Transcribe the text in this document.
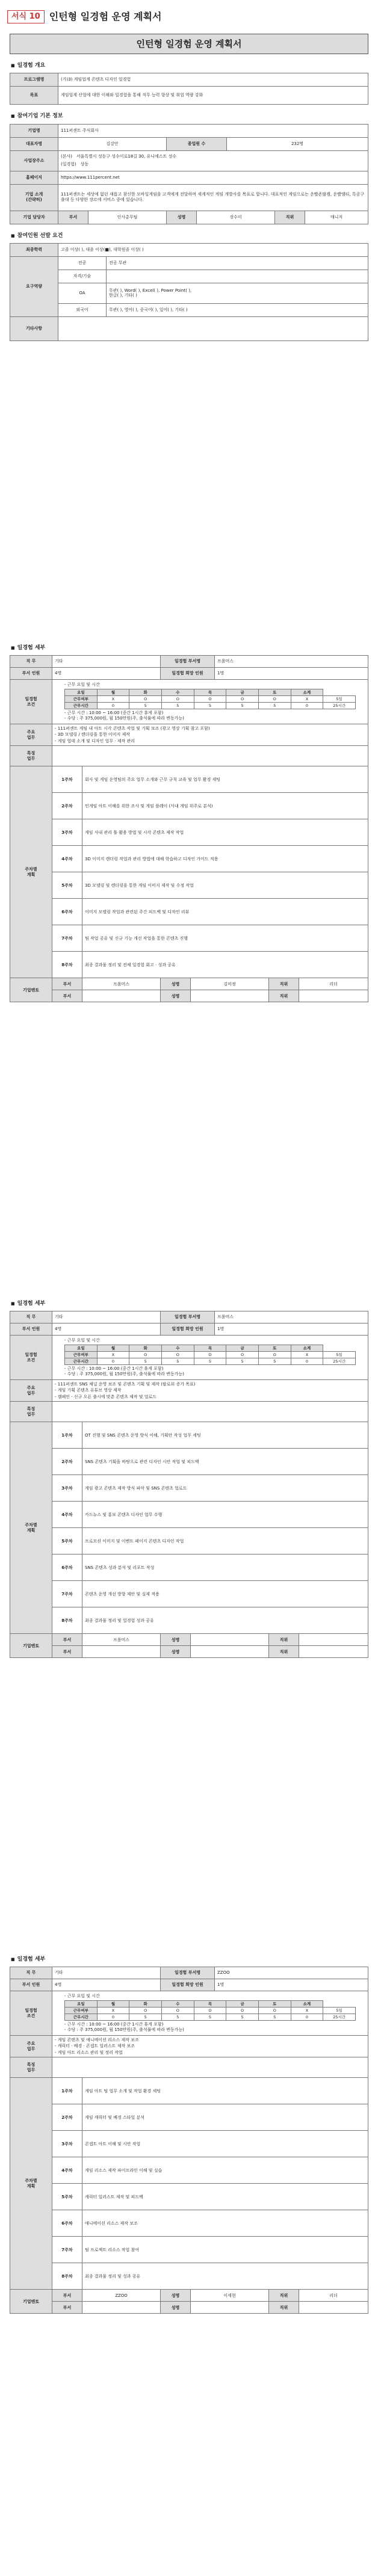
서식 10 인턴형 일경험 운영 계획서
인턴형 일경험 운영 계획서
■ 일경험 개요
프로그램명	(가)3) 게임업계 콘텐츠 디자인 일경험
목표	게임업계 산업에 대한 이해와 일경험을 통해 직무 능력 향상 및 취업 역량 강화
■ 참여기업 기본 정보
기업명	111퍼센트 주식회사		
대표자명	김강안	종업원 수	232명
사업장주소	(본사) 서울특별시 성동구 성수이로18길 30, 유니에스트 성수
(일경험) 상동		

홈페이지	https://www.111percent.net		
기업 소개
(간략히)	111퍼센트는 세상에 없던 새롭고 참신한 모바일게임을 고객에게 전달하며 세계적인 게임 개발사를 목표로 합니다. 대표적인 게임으로는 운빨존많겜, 운빨엠티, 특공구출대 등 다양한 장르에 서비스 중에 있습니다.		
기업 담당자	부서	인사총무팀	성명	장수미	직위	매니저
■ 참여인원 선발 요건
최종학력	고졸 이상( ), 대졸 이상(■), 대학원졸 이상( )	
요구역량	전공	전공 무관
	자격/기술	
	OA	무관( ), Word( ), Excel( ), Power Point( ),
한글( ), 기타( )

	외국어	무관( ), 영어( ), 중국어( ), 일어( ), 기타( )
기타사항		
■ 일경험 세부
직 무	기타	일경험 부서명	프롤머스
부서 인원	4명	일경험 희망 인원	1명
일경험
조건	
- 근무 요일 및 시간
요일	월	화	수	목	금	토	소계
근무여부	X	O	O	O	O	O	X	5일
근무시간	0	5	5	5	5	5	0	25시간
- 근무 시간 : 10:00 ~ 16:00 (중간 1시간 휴게 포함)
- 수당 : 주 375,000원, 월 150만원(주, 출석률에 따라 변동가능)

주요
업무	
- 111퍼센트 게임 내 아트 시각 콘텐츠 작업 및 기획 보조 (광고 영상 기획 참고 포함)
- 3D 모델링 / 렌더링을 통한 이미지 제작
- 게임 업데 소개 및 디자인 업무 · 제작 관리

특징
업무	
주차별
계획	1주차	회사 및 게임 운영팀의 주요 업무 소개와 근무 규칙 교육 및 업무 환경 세팅
	2주차	인게임 아트 이해를 위한 조사 및 게임 플레이 (사내 게임 위주로 분석)
	3주차	게임 사내 관리 툴 활용 방법 및 시각 콘텐츠 제작 작업
	4주차	3D 이미지 렌더링 작업과 관리 방법에 대해 학습하고 디자인 가이드 적용
	5주차	3D 모델링 및 렌더링을 통한 게임 이미지 제작 및 수정 작업
	6주차	이미지 모델링 작업과 관련된 주간 피드백 및 디자인 리뷰
	7주차	팀 작업 공유 및 신규 기능 개선 작업을 통한 콘텐츠 진행
	8주차	최종 결과물 정리 및 전체 일경험 회고 · 성과 공유
기업멘토	부서	프롤머스	성명	김미정	직위	리더
	부서		성명		직위	
■ 일경험 세부
직 무	기타	일경험 부서명	프롤머스
부서 인원	4명	일경험 희망 인원	1명
일경험
조건	
- 근무 요일 및 시간
요일	월	화	수	목	금	토	소계
근무여부	X	O	O	O	O	O	X	5일
근무시간	0	5	5	5	5	5	0	25시간
- 근무 시간 : 10:00 ~ 16:00 (중간 1시간 휴게 포함)
- 수당 : 주 375,000원, 월 150만원(주, 출석률에 따라 변동가능)

주요
업무	
- 111퍼센트 SNS 채널 운영 보조 및 콘텐츠 기획 및 제작 (팔로워 증가 목표)
- 게임 기획 콘텐츠 유튜브 영상 제작
- 캠페인 · 신규 오픈 출시에 맞춘 콘텐츠 제작 및 업로드

특징
업무	
주차별
계획	1주차	OT 진행 및 SNS 콘텐츠 운영 방식 이해, 기획안 작성 업무 세팅
	2주차	SNS 콘텐츠 기획을 바탕으로 관련 디자인 시안 작업 및 피드백
	3주차	게임 광고 콘텐츠 제작 방식 파악 및 SNS 콘텐츠 업로드
	4주차	카드뉴스 및 홍보 콘텐츠 디자인 업무 수행
	5주차	프로모션 이미지 및 이벤트 페이지 콘텐츠 디자인 작업
	6주차	SNS 콘텐츠 성과 분석 및 리포트 작성
	7주차	콘텐츠 운영 개선 방향 제안 및 실제 적용
	8주차	최종 결과물 정리 및 일경험 성과 공유
기업멘토	부서	프롤머스	성명		직위	
	부서		성명		직위	
■ 일경험 세부
직 무	기타	일경험 부서명	ZZOO
부서 인원	4명	일경험 희망 인원	1명
일경험
조건	
- 근무 요일 및 시간
요일	월	화	수	목	금	토	소계
근무여부	X	O	O	O	O	O	X	5일
근무시간	0	5	5	5	5	5	0	25시간
- 근무 시간 : 10:00 ~ 16:00 (중간 1시간 휴게 포함)
- 수당 : 주 375,000원, 월 150만원(주, 출석률에 따라 변동가능)

주요
업무	
- 게임 콘텐츠 및 애니메이션 리소스 제작 보조
- 캐릭터 · 배경 · 콘셉트 일러스트 제작 보조
- 게임 아트 리소스 관리 및 정리 작업

특징
업무	
주차별
계획	1주차	게임 아트 팀 업무 소개 및 작업 환경 세팅
	2주차	게임 캐릭터 및 배경 스타일 분석
	3주차	콘셉트 아트 이해 및 시안 작업
	4주차	게임 리소스 제작 파이프라인 이해 및 실습
	5주차	캐릭터 일러스트 제작 및 피드백
	6주차	애니메이션 리소스 제작 보조
	7주차	팀 프로젝트 리소스 작업 참여
	8주차	최종 결과물 정리 및 성과 공유
기업멘토	부서	ZZOO	성명	이세현	직위	리더
	부서		성명		직위	
